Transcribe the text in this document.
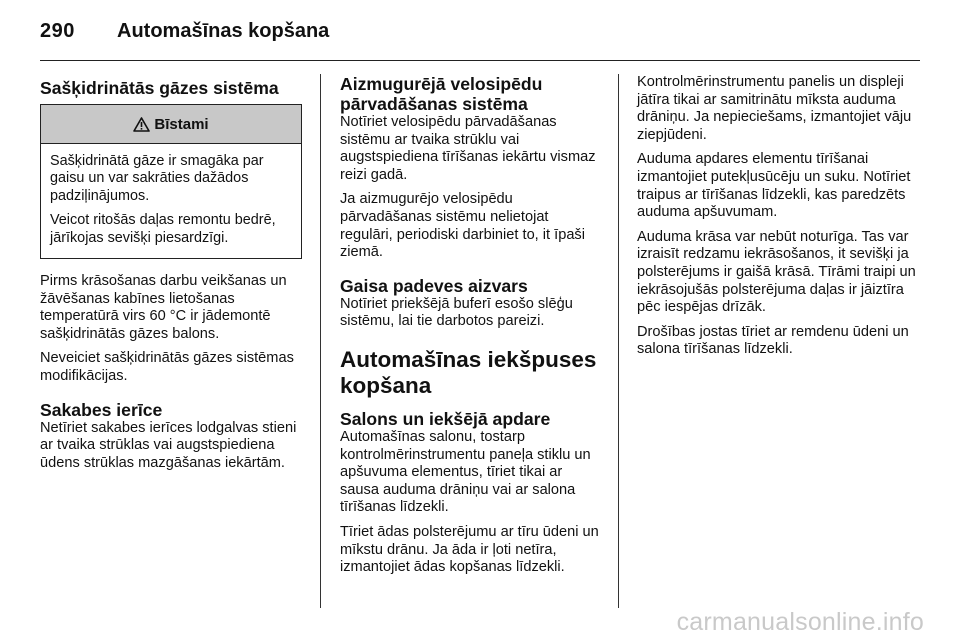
290 Automašīnas kopšana
Sašķidrinātās gāzes sistēma
Bīstami

Sašķidrinātā gāze ir smagāka par gaisu un var sakrāties dažādos padziļinājumos.

Veicot ritošās daļas remontu bedrē, jārīkojas sevišķi piesardzīgi.

Pirms krāsošanas darbu veikšanas un žāvēšanas kabīnes lietošanas temperatūrā virs 60 °C ir jādemontē sašķidrinātās gāzes balons.

Neveiciet sašķidrinātās gāzes sistēmas modifikācijas.

Sakabes ierīce

Netīriet sakabes ierīces lodgalvas stieni ar tvaika strūklas vai augstspiediena ūdens strūklas mazgāšanas iekārtām.

Aizmugurējā velosipēdu pārvadāšanas sistēma

Notīriet velosipēdu pārvadāšanas sistēmu ar tvaika strūklu vai augstspiediena tīrīšanas iekārtu vismaz reizi gadā.

Ja aizmugurējo velosipēdu pārvadāšanas sistēmu nelietojat regulāri, periodiski darbiniet to, it īpaši ziemā.

Gaisa padeves aizvars

Notīriet priekšējā buferī esošo slēģu sistēmu, lai tie darbotos pareizi.

Automašīnas iekšpuses kopšana
Salons un iekšējā apdare

Automašīnas salonu, tostarp kontrolmērinstrumentu paneļa stiklu un apšuvuma elementus, tīriet tikai ar sausa auduma drāniņu vai ar salona tīrīšanas līdzekli.

Tīriet ādas polsterējumu ar tīru ūdeni un mīkstu drānu. Ja āda ir ļoti netīra, izmantojiet ādas kopšanas līdzekli.

Kontrolmērinstrumentu panelis un displeji jātīra tikai ar samitrinātu mīksta auduma drāniņu. Ja nepieciešams, izmantojiet vāju ziepjūdeni.

Auduma apdares elementu tīrīšanai izmantojiet putekļusūcēju un suku. Notīriet traipus ar tīrīšanas līdzekli, kas paredzēts auduma apšuvumam.

Auduma krāsa var nebūt noturīga. Tas var izraisīt redzamu iekrāsošanos, it sevišķi ja polsterējums ir gaišā krāsā. Tīrāmi traipi un iekrāsojušās polsterējuma daļas ir jāiztīra pēc iespējas drīzāk.

Drošības jostas tīriet ar remdenu ūdeni un salona tīrīšanas līdzekli.

carmanualsonline.info
